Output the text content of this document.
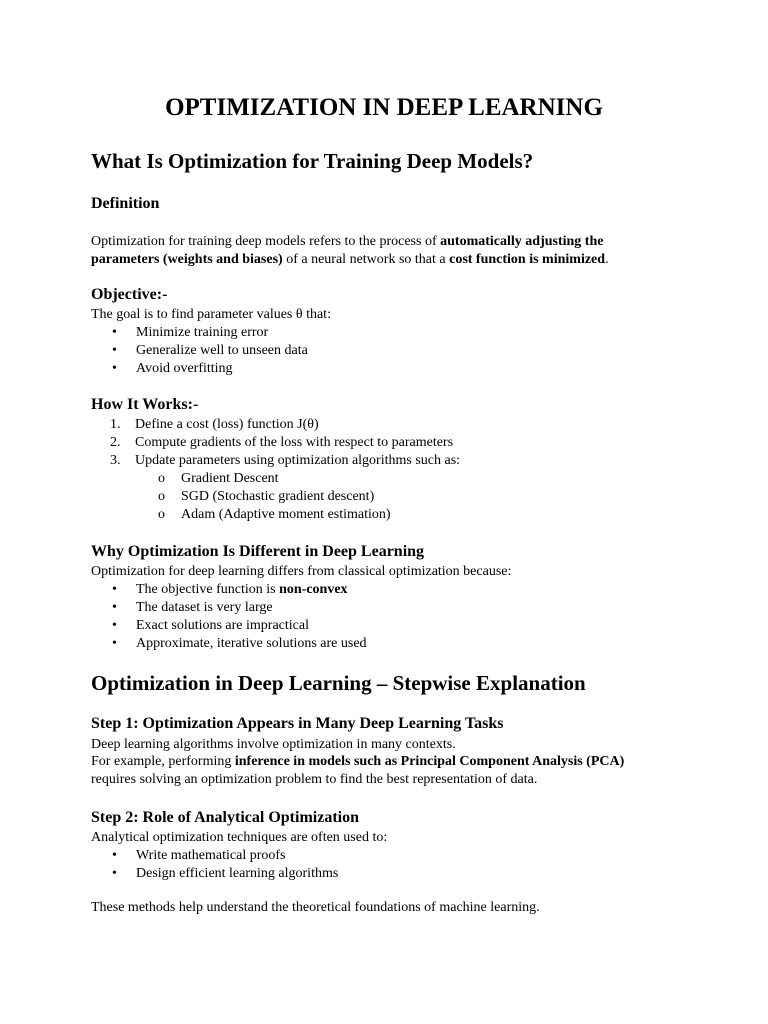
OPTIMIZATION IN DEEP LEARNING
What Is Optimization for Training Deep Models?
Definition
Optimization for training deep models refers to the process of automatically adjusting the
parameters (weights and biases) of a neural network so that a cost function is minimized.
Objective:-
The goal is to find parameter values θ that:
• Minimize training error
• Generalize well to unseen data
• Avoid overfitting
How It Works:-
1. Define a cost (loss) function J(θ)
2. Compute gradients of the loss with respect to parameters
3. Update parameters using optimization algorithms such as:
o Gradient Descent
o SGD (Stochastic gradient descent)
o Adam (Adaptive moment estimation)
Why Optimization Is Different in Deep Learning
Optimization for deep learning differs from classical optimization because:
• The objective function is non-convex
• The dataset is very large
• Exact solutions are impractical
• Approximate, iterative solutions are used
Optimization in Deep Learning – Stepwise Explanation
Step 1: Optimization Appears in Many Deep Learning Tasks
Deep learning algorithms involve optimization in many contexts.
For example, performing inference in models such as Principal Component Analysis (PCA)
requires solving an optimization problem to find the best representation of data.
Step 2: Role of Analytical Optimization
Analytical optimization techniques are often used to:
• Write mathematical proofs
• Design efficient learning algorithms
These methods help understand the theoretical foundations of machine learning.
